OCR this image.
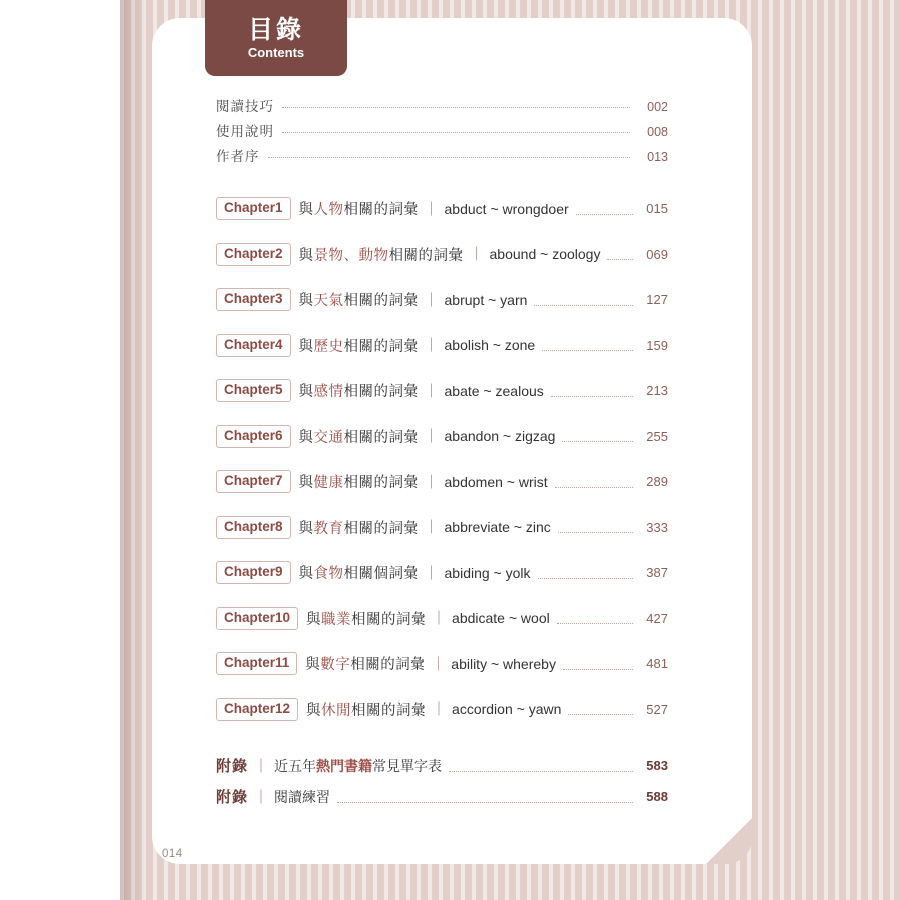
目錄
Contents
閱讀技巧	002
使用說明	008
作者序	013
Chapter1	與人物相關的詞彙 ｜ abduct ~ wrongdoer	015
Chapter2	與景物、動物相關的詞彙 ｜ abound ~ zoology	069
Chapter3	與天氣相關的詞彙 ｜ abrupt ~ yarn	127
Chapter4	與歷史相關的詞彙 ｜ abolish ~ zone	159
Chapter5	與感情相關的詞彙 ｜ abate ~ zealous	213
Chapter6	與交通相關的詞彙 ｜ abandon ~ zigzag	255
Chapter7	與健康相關的詞彙 ｜ abdomen ~ wrist	289
Chapter8	與教育相關的詞彙 ｜ abbreviate ~ zinc	333
Chapter9	與食物相關個詞彙 ｜ abiding ~ yolk	387
Chapter10	與職業相關的詞彙 ｜ abdicate ~ wool	427
Chapter11	與數字相關的詞彙 ｜ ability ~ whereby	481
Chapter12	與休閒相關的詞彙 ｜ accordion ~ yawn	527
附錄 ｜ 近五年熱門書籍常見單字表	583
附錄 ｜ 閱讀練習	588
014
